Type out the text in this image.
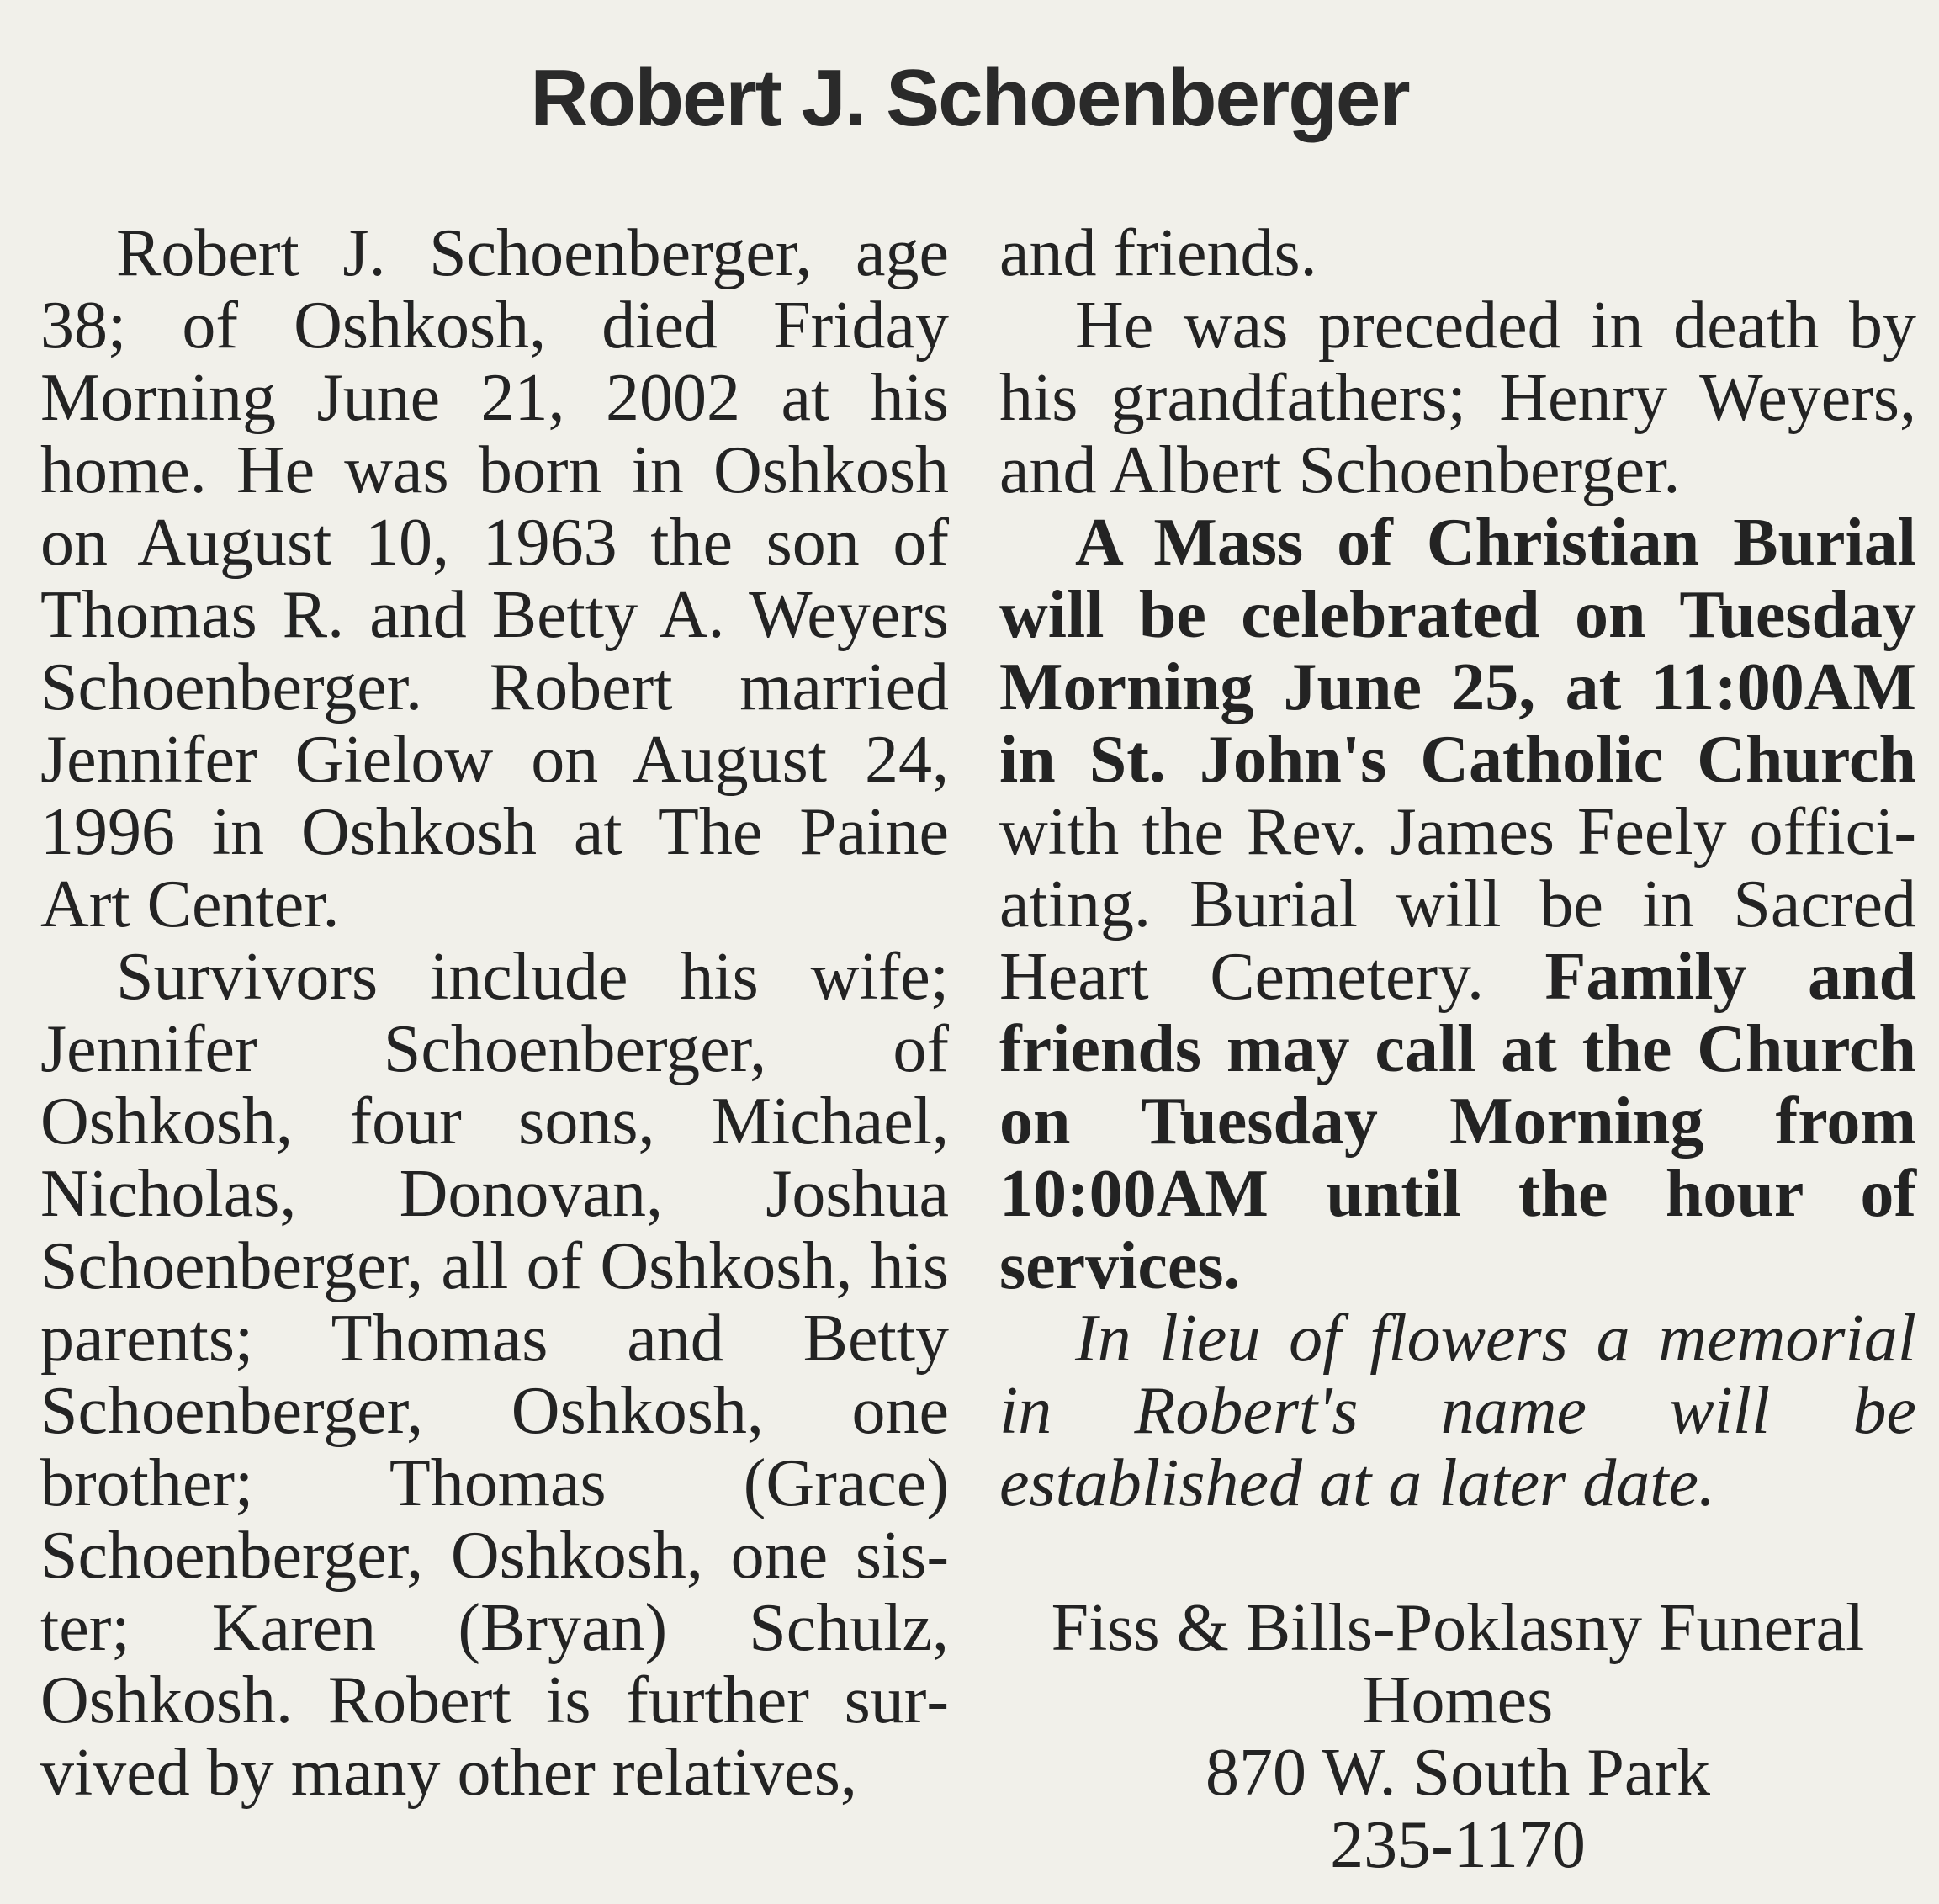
Robert J. Schoenberger

Robert J. Schoenberger, age 38; of Oshkosh, died Friday Morning June 21, 2002 at his home. He was born in Oshkosh on August 10, 1963 the son of Thomas R. and Betty A. Weyers Schoenberger. Robert married Jennifer Gielow on August 24, 1996 in Oshkosh at The Paine Art Center.

Survivors include his wife; Jennifer Schoenberger, of Oshkosh, four sons, Michael, Nicholas, Donovan, Joshua Schoenberger, all of Oshkosh, his parents; Thomas and Betty Schoenberger, Oshkosh, one brother; Thomas (Grace) Schoenberger, Oshkosh, one sister; Karen (Bryan) Schulz, Oshkosh. Robert is further survived by many other relatives,

and friends.

He was preceded in death by his grandfathers; Henry Weyers, and Albert Schoenberger.

A Mass of Christian Burial will be celebrated on Tuesday Morning June 25, at 11:00AM in St. John's Catholic Church with the Rev. James Feely officiating. Burial will be in Sacred Heart Cemetery. Family and friends may call at the Church on Tuesday Morning from 10:00AM until the hour of services.

In lieu of flowers a memorial in Robert's name will be established at a later date.

Fiss & Bills-Poklasny Funeral Homes
870 W. South Park
235-1170
